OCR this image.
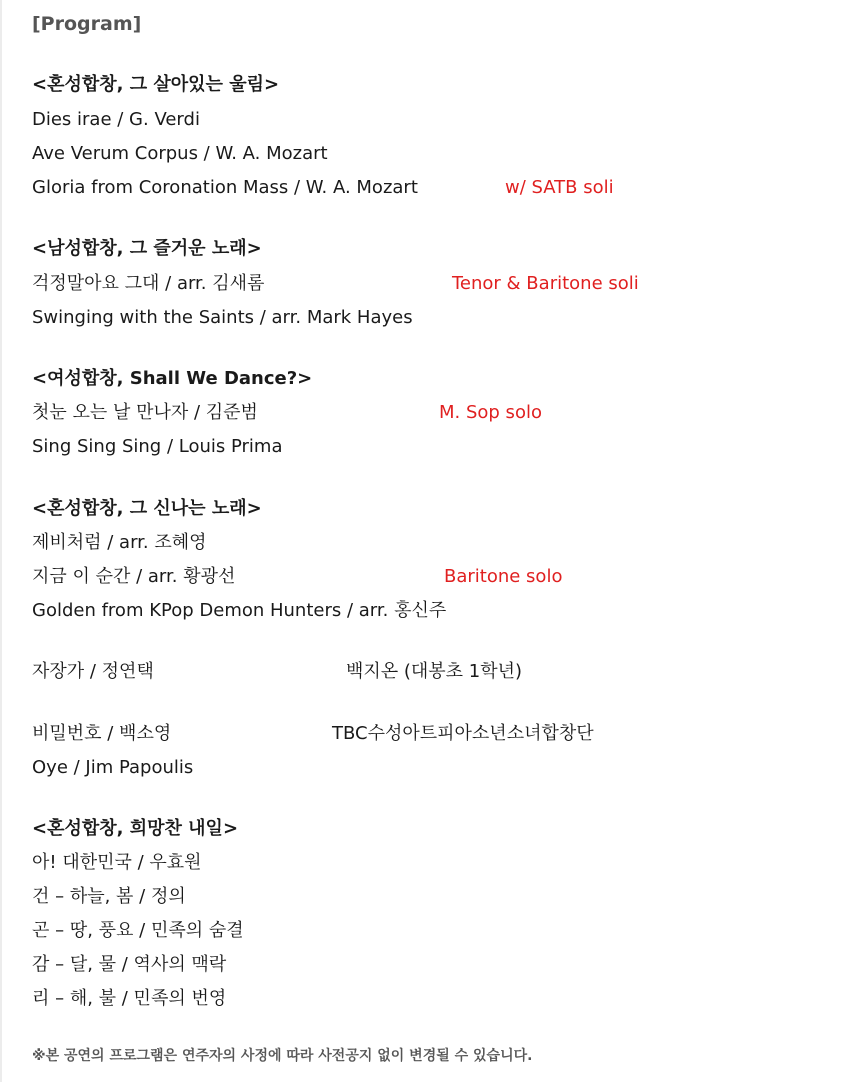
[Program]
<혼성합창, 그 살아있는 울림>
Dies irae / G. Verdi
Ave Verum Corpus / W. A. Mozart
Gloria from Coronation Mass / W. A. Mozart	w/ SATB soli
<남성합창, 그 즐거운 노래>
걱정말아요 그대 / arr. 김새롬	Tenor & Baritone soli
Swinging with the Saints / arr. Mark Hayes
<여성합창, Shall We Dance?>
첫눈 오는 날 만나자 / 김준범	M. Sop solo
Sing Sing Sing / Louis Prima
<혼성합창, 그 신나는 노래>
제비처럼 / arr. 조혜영
지금 이 순간 / arr. 황광선	Baritone solo
Golden from KPop Demon Hunters / arr. 홍신주
자장가 / 정연택	백지온 (대봉초 1학년)
비밀번호 / 백소영	TBC수성아트피아소년소녀합창단
Oye / Jim Papoulis
<혼성합창, 희망찬 내일>
아! 대한민국 / 우효원
건 – 하늘, 봄 / 정의
곤 – 땅, 풍요 / 민족의 숨결
감 – 달, 물 / 역사의 맥락
리 – 해, 불 / 민족의 번영
※본 공연의 프로그램은 연주자의 사정에 따라 사전공지 없이 변경될 수 있습니다.
